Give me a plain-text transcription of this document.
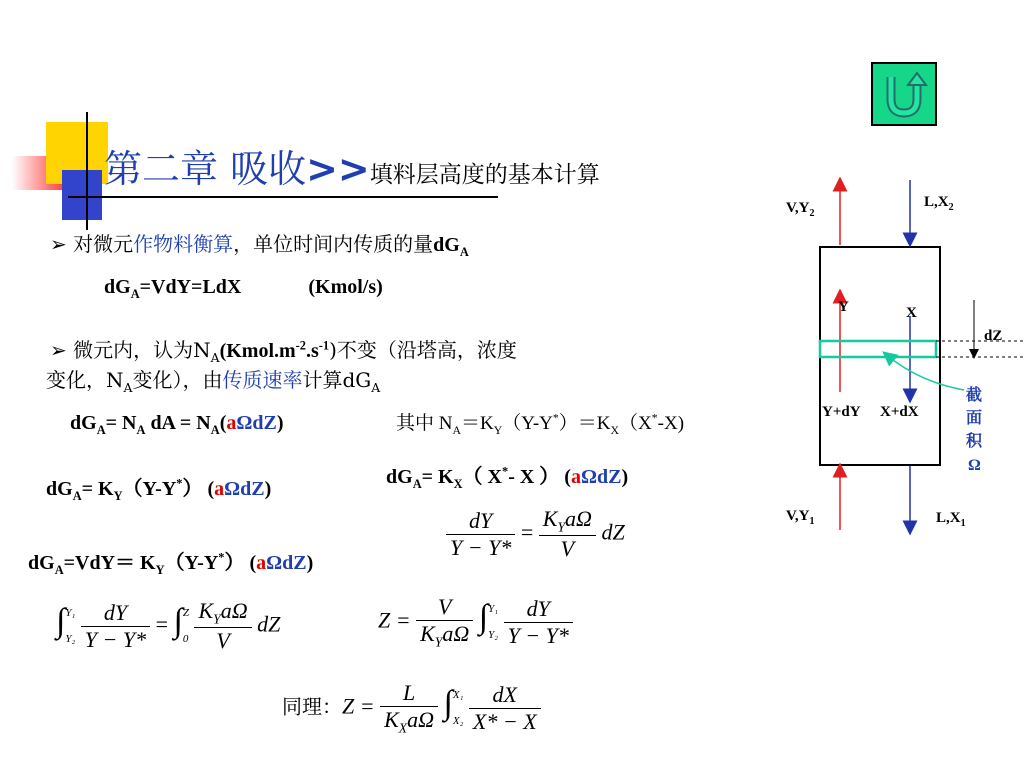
第二章 吸收>>填料层高度的基本计算
➢ 对微元作物料衡算，单位时间内传质的量$dG_A$
$dG_A=VdY=LdX$	(Kmol/s)
➢ 微元内，认为$N_A(Kmol.m^{-2}.s^{-1})$不变（沿塔高，浓度
变化，$N_A$变化），由传质速率计算$dG_A$
$dG_A= N_A$ dA = $N_A(a\Omega dZ)$	其中 $N_A=K_Y(Y-Y^*)=K_X(X^*-X)$
$dG_A= K_X$（ X*- X ） (aΩdZ)
$dG_A= K_Y(Y-Y^*)$ (aΩdZ)
$\frac{dY}{Y - Y*} = \frac{K_Ya\Omega}{V}$ dZ
$dG_A=VdY= K_Y(Y-Y^*)$ (aΩdZ)
∫ Y₁
Y₂
$\frac{dY}{Y - Y*}$ = ∫ Z
0
$\frac{K_Ya\Omega}{V}$ dZ	$Z = \frac{V}{K_Ya\Omega}$ ∫ Y₁
Y₂
$\frac{dY}{Y - Y*}$
同理：$Z = \frac{L}{K_Xa\Omega}$ ∫ X₁
X₂
$\frac{dX}{X* - X}$
$V,Y_2$
$L,X_2$
$V,Y_1$	$L,X_1$
Y	X
Y+dY X+dX
dZ
截
面
积
Ω
